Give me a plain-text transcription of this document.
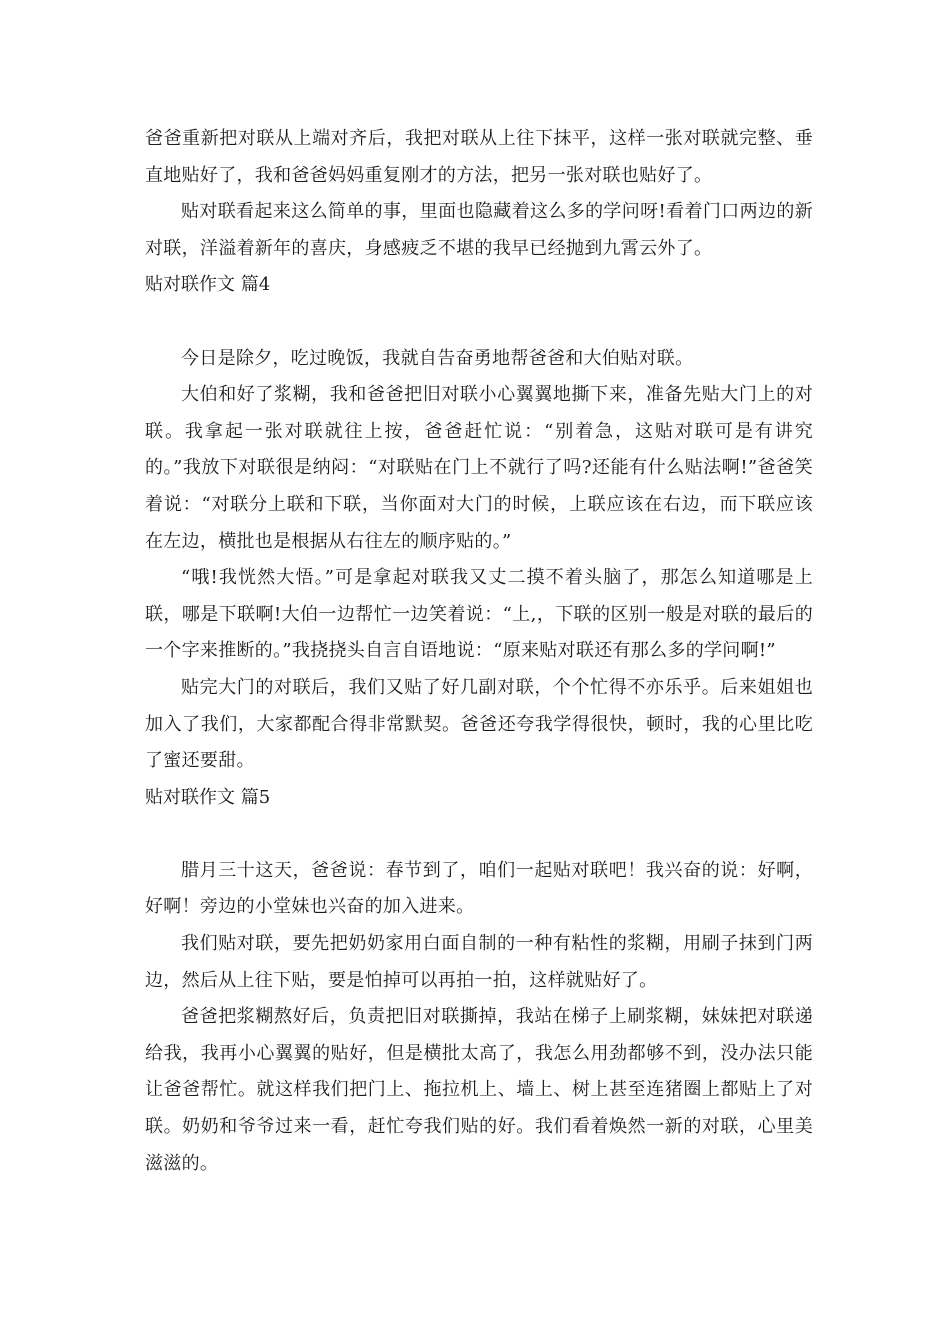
爸爸重新把对联从上端对齐后，我把对联从上往下抹平，这样一张对联就完整、垂直地贴好了，我和爸爸妈妈重复刚才的方法，把另一张对联也贴好了。

贴对联看起来这么简单的事，里面也隐藏着这么多的学问呀!看着门口两边的新对联，洋溢着新年的喜庆，身感疲乏不堪的我早已经抛到九霄云外了。

贴对联作文 篇4

今日是除夕，吃过晚饭，我就自告奋勇地帮爸爸和大伯贴对联。

大伯和好了浆糊，我和爸爸把旧对联小心翼翼地撕下来，准备先贴大门上的对联。我拿起一张对联就往上按，爸爸赶忙说：“别着急，这贴对联可是有讲究的。”我放下对联很是纳闷：“对联贴在门上不就行了吗?还能有什么贴法啊!”爸爸笑着说：“对联分上联和下联，当你面对大门的时候，上联应该在右边，而下联应该在左边，横批也是根据从右往左的顺序贴的。”

“哦!我恍然大悟。”可是拿起对联我又丈二摸不着头脑了，那怎么知道哪是上联，哪是下联啊!大伯一边帮忙一边笑着说：“上,，下联的区别一般是对联的最后的一个字来推断的。”我挠挠头自言自语地说：“原来贴对联还有那么多的学问啊!”

贴完大门的对联后，我们又贴了好几副对联，个个忙得不亦乐乎。后来姐姐也加入了我们，大家都配合得非常默契。爸爸还夸我学得很快，顿时，我的心里比吃了蜜还要甜。

贴对联作文 篇5

腊月三十这天，爸爸说：春节到了，咱们一起贴对联吧！我兴奋的说：好啊，好啊！旁边的小堂妹也兴奋的加入进来。

我们贴对联，要先把奶奶家用白面自制的一种有粘性的浆糊，用刷子抹到门两边，然后从上往下贴，要是怕掉可以再拍一拍，这样就贴好了。

爸爸把浆糊熬好后，负责把旧对联撕掉，我站在梯子上刷浆糊，妹妹把对联递给我，我再小心翼翼的贴好，但是横批太高了，我怎么用劲都够不到，没办法只能让爸爸帮忙。就这样我们把门上、拖拉机上、墙上、树上甚至连猪圈上都贴上了对联。奶奶和爷爷过来一看，赶忙夸我们贴的好。我们看着焕然一新的对联，心里美滋滋的。
